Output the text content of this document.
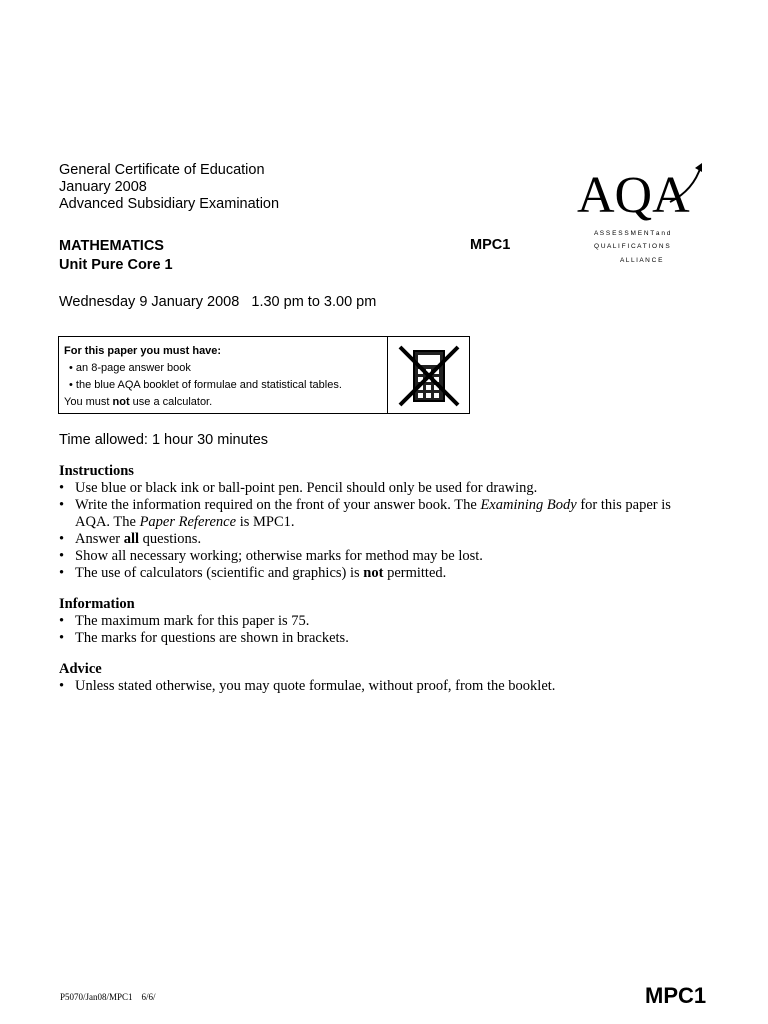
General Certificate of Education
January 2008
Advanced Subsidiary Examination	AQA
A S S E S S M E N T a n d
Q U A L I F I C A T I O N S
A L L I A N C E
MATHEMATICS
Unit Pure Core 1
MPC1
Wednesday 9 January 2008   1.30 pm to 3.00 pm
For this paper you must have:
• an 8-page answer book
• the blue AQA booklet of formulae and statistical tables.
You must not use a calculator.
Time allowed: 1 hour 30 minutes
Instructions
• Use blue or black ink or ball-point pen. Pencil should only be used for drawing.
• Write the information required on the front of your answer book. The Examining Body for this paper is AQA. The Paper Reference is MPC1.
• Answer all questions.
• Show all necessary working; otherwise marks for method may be lost.
• The use of calculators (scientific and graphics) is not permitted.
Information
• The maximum mark for this paper is 75.
• The marks for questions are shown in brackets.
Advice
• Unless stated otherwise, you may quote formulae, without proof, from the booklet.
P5070/Jan08/MPC1    6/6/	MPC1
